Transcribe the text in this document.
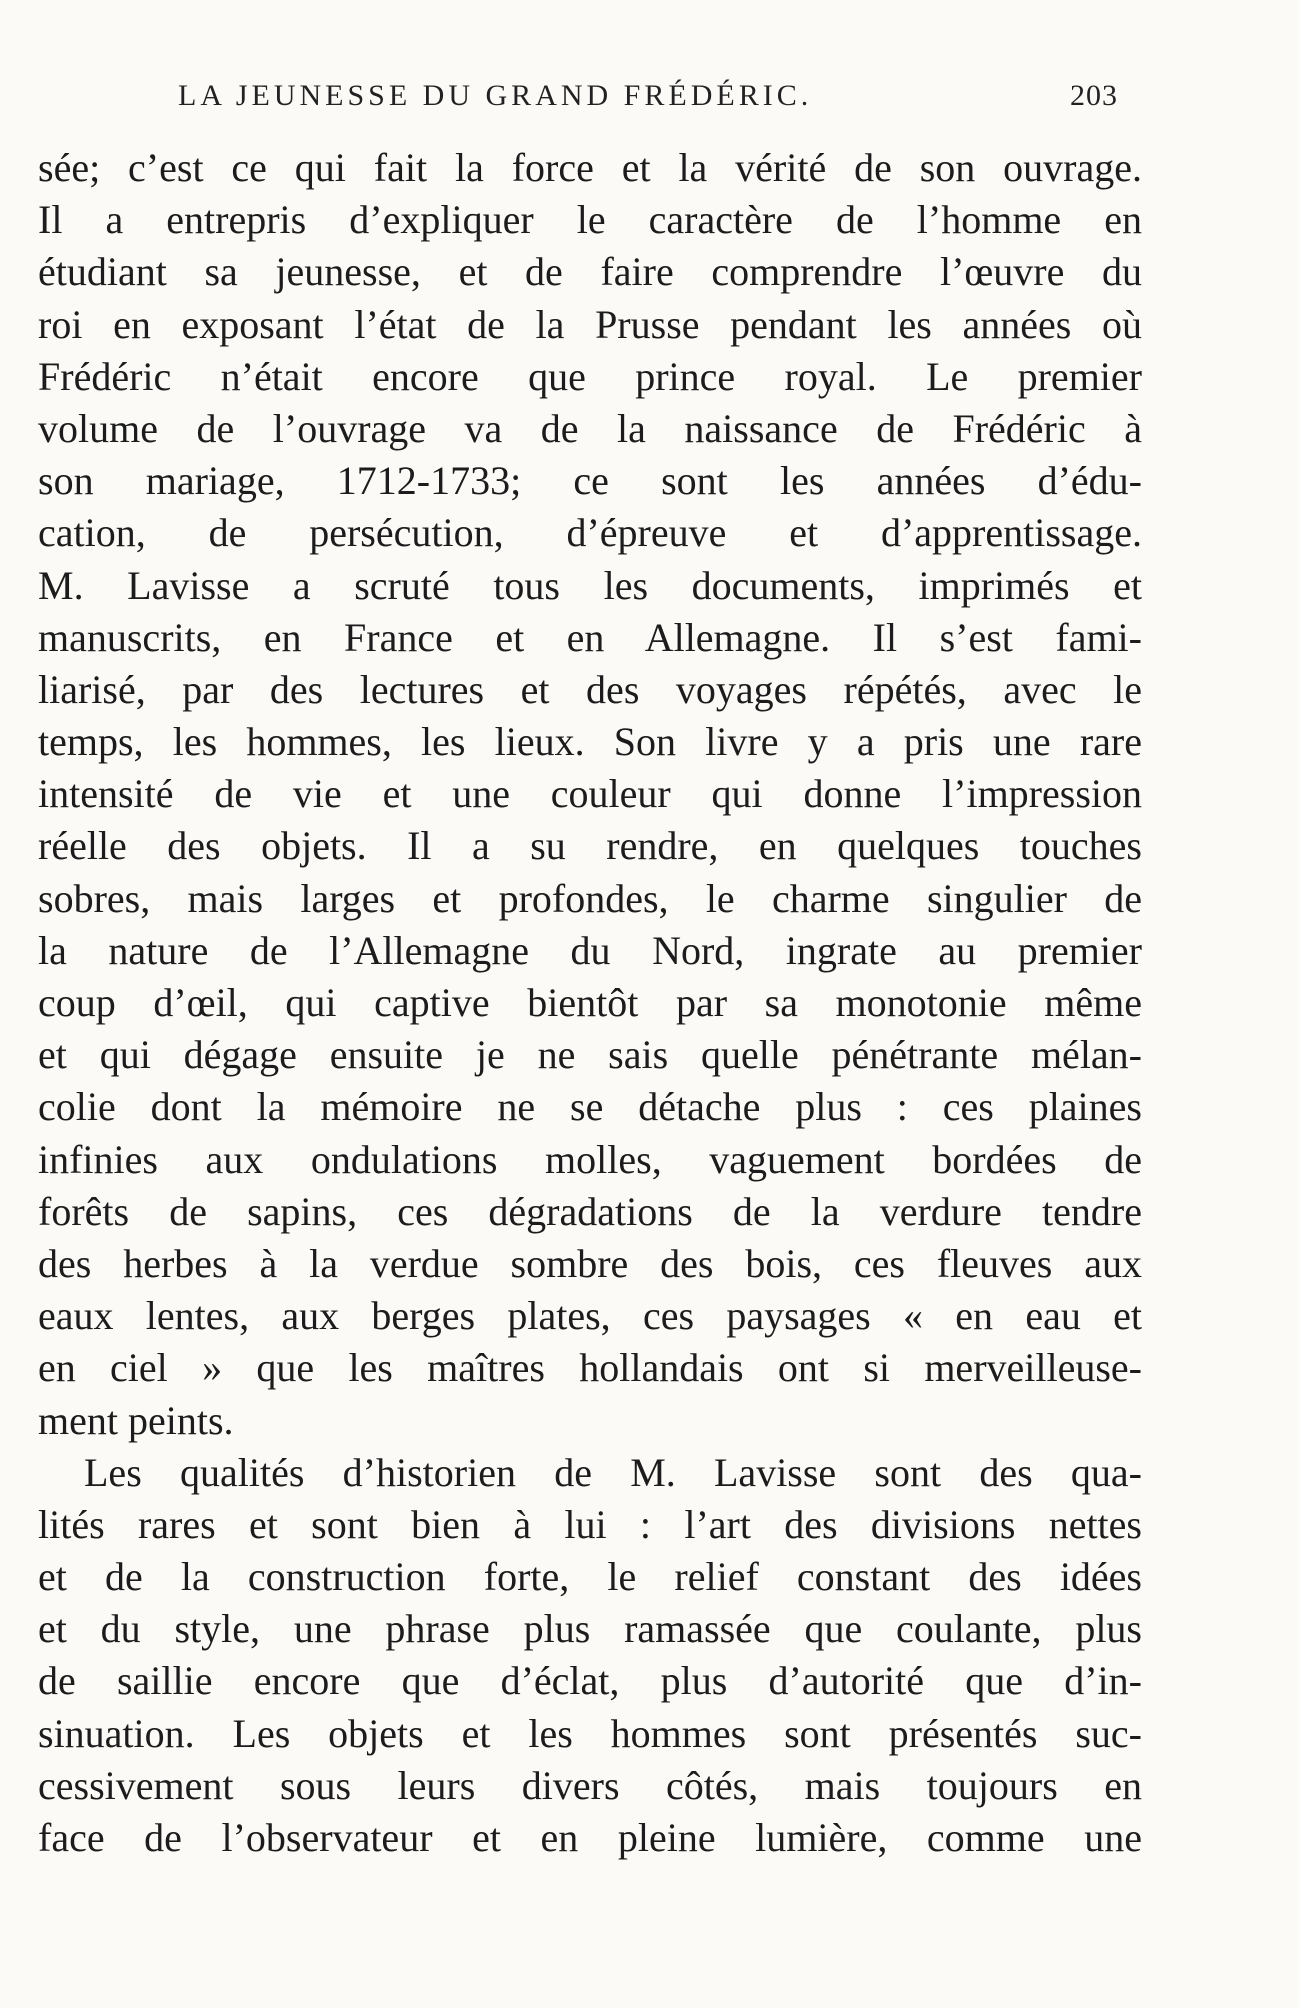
LA JEUNESSE DU GRAND FRÉDÉRIC.	203
sée; c’est ce qui fait la force et la vérité de son ouvrage.
Il a entrepris d’expliquer le caractère de l’homme en
étudiant sa jeunesse, et de faire comprendre l’œuvre du
roi en exposant l’état de la Prusse pendant les années où
Frédéric n’était encore que prince royal. Le premier
volume de l’ouvrage va de la naissance de Frédéric à
son mariage, 1712-1733; ce sont les années d’édu-
cation, de persécution, d’épreuve et d’apprentissage.
M. Lavisse a scruté tous les documents, imprimés et
manuscrits, en France et en Allemagne. Il s’est fami-
liarisé, par des lectures et des voyages répétés, avec le
temps, les hommes, les lieux. Son livre y a pris une rare
intensité de vie et une couleur qui donne l’impression
réelle des objets. Il a su rendre, en quelques touches
sobres, mais larges et profondes, le charme singulier de
la nature de l’Allemagne du Nord, ingrate au premier
coup d’œil, qui captive bientôt par sa monotonie même
et qui dégage ensuite je ne sais quelle pénétrante mélan-
colie dont la mémoire ne se détache plus : ces plaines
infinies aux ondulations molles, vaguement bordées de
forêts de sapins, ces dégradations de la verdure tendre
des herbes à la verdue sombre des bois, ces fleuves aux
eaux lentes, aux berges plates, ces paysages « en eau et
en ciel » que les maîtres hollandais ont si merveilleuse-
ment peints.
Les qualités d’historien de M. Lavisse sont des qua-
lités rares et sont bien à lui : l’art des divisions nettes
et de la construction forte, le relief constant des idées
et du style, une phrase plus ramassée que coulante, plus
de saillie encore que d’éclat, plus d’autorité que d’in-
sinuation. Les objets et les hommes sont présentés suc-
cessivement sous leurs divers côtés, mais toujours en
face de l’observateur et en pleine lumière, comme une
